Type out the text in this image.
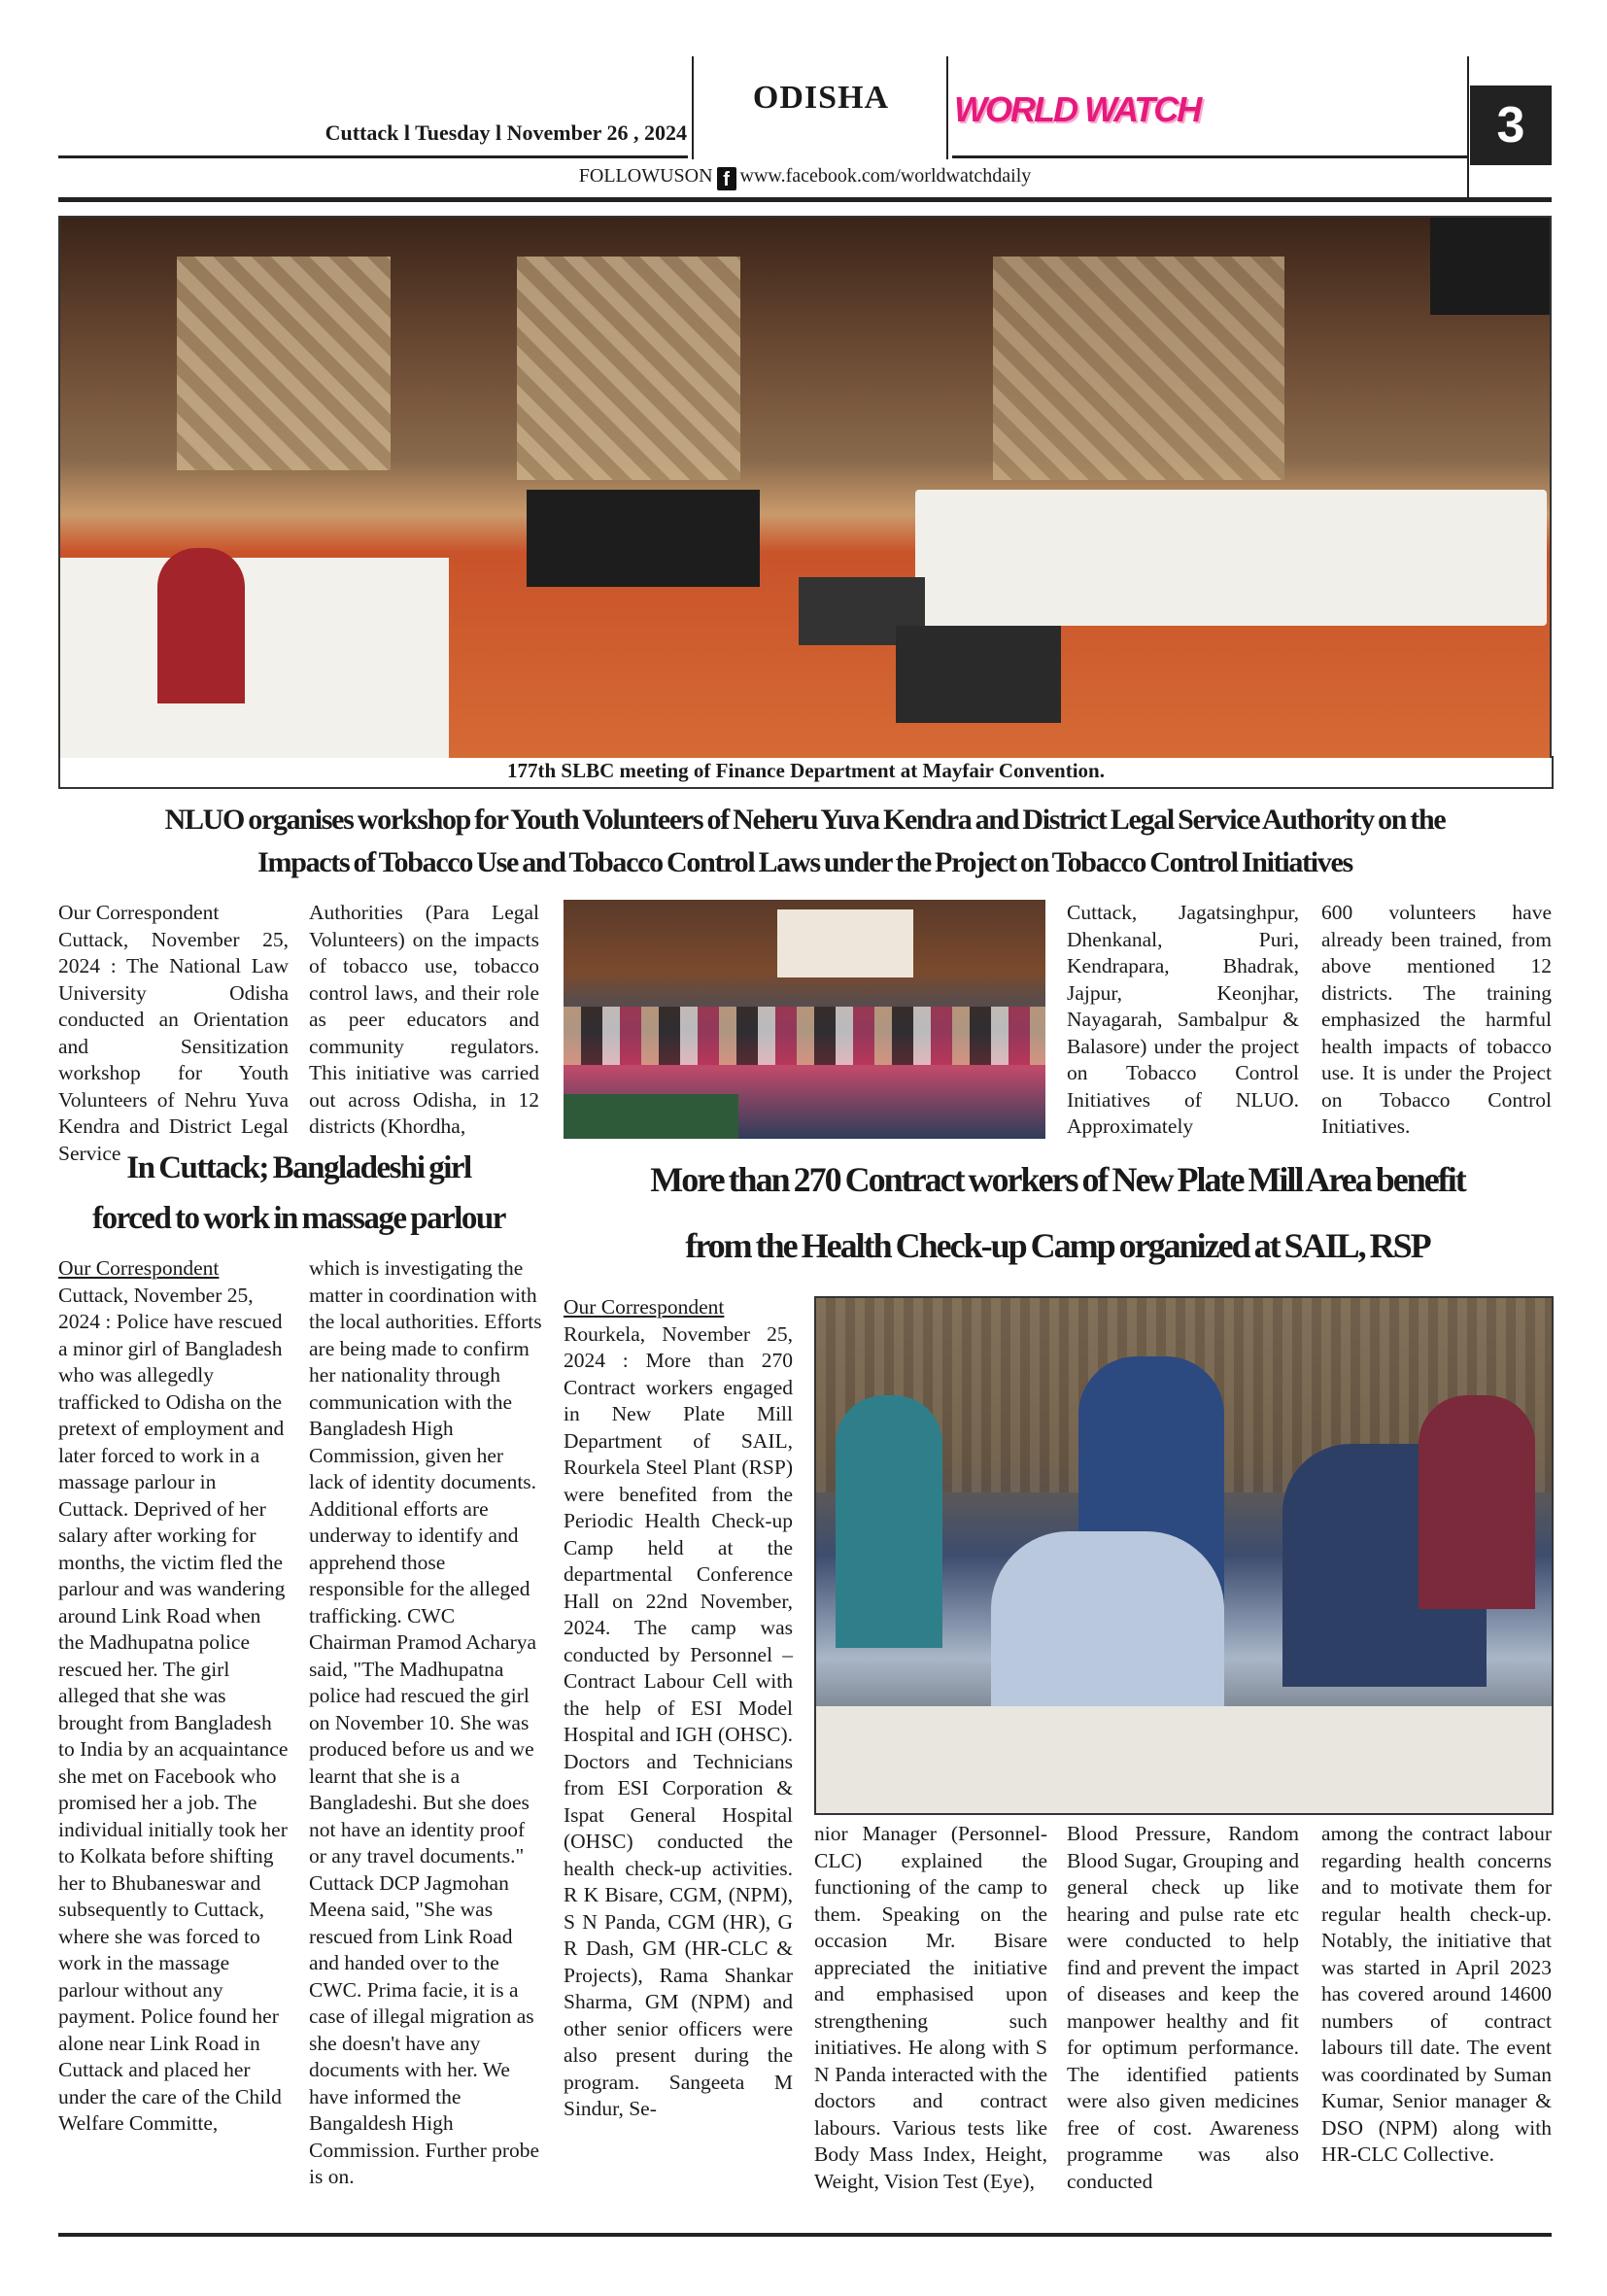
Cuttack l Tuesday l November 26 , 2024
ODISHA	WORLD WATCH	3
FOLLOWUSON f www.facebook.com/worldwatchdaily
177th SLBC meeting of Finance Department at Mayfair Convention.
NLUO organises workshop for Youth Volunteers of Neheru Yuva Kendra and District Legal Service Authority on the
Impacts of Tobacco Use and Tobacco Control Laws under the Project on Tobacco Control Initiatives
Our Correspondent
Cuttack, November 25, 2024 : The National Law University Odisha conducted an Orientation and Sensitization workshop for Youth Volunteers of Nehru Yuva Kendra and District Legal Service
Authorities (Para Legal Volunteers) on the impacts of tobacco use, tobacco control laws, and their role as peer educators and community regulators. This initiative was carried out across Odisha, in 12 districts (Khordha,
Cuttack, Jagatsinghpur, Dhenkanal, Puri, Kendrapara, Bhadrak, Jajpur, Keonjhar, Nayagarah, Sambalpur & Balasore) under the project on Tobacco Control Initiatives of NLUO. Approximately
600 volunteers have already been trained, from above mentioned 12 districts. The training emphasized the harmful health impacts of tobacco use. It is under the Project on Tobacco Control Initiatives.
In Cuttack; Bangladeshi girl
forced to work in massage parlour
Our Correspondent
Cuttack, November 25, 2024 : Police have rescued a minor girl of Bangladesh who was allegedly trafficked to Odisha on the pretext of employment and later forced to work in a massage parlour in Cuttack. Deprived of her salary after working for months, the victim fled the parlour and was wandering around Link Road when the Madhupatna police rescued her. The girl alleged that she was brought from Bangladesh to India by an acquaintance she met on Facebook who promised her a job. The individual initially took her to Kolkata before shifting her to Bhubaneswar and subsequently to Cuttack, where she was forced to work in the massage parlour without any payment. Police found her alone near Link Road in Cuttack and placed her under the care of the Child Welfare Committe,
which is investigating the matter in coordination with the local authorities. Efforts are being made to confirm her nationality through communication with the Bangladesh High Commission, given her lack of identity documents. Additional efforts are underway to identify and apprehend those responsible for the alleged trafficking. CWC Chairman Pramod Acharya said, "The Madhupatna police had rescued the girl on November 10. She was produced before us and we learnt that she is a Bangladeshi. But she does not have an identity proof or any travel documents." Cuttack DCP Jagmohan Meena said, "She was rescued from Link Road and handed over to the CWC. Prima facie, it is a case of illegal migration as she doesn't have any documents with her. We have informed the Bangaldesh High Commission. Further probe is on.
More than 270 Contract workers of New Plate Mill Area benefit
from the Health Check-up Camp organized at SAIL, RSP
Our Correspondent
Rourkela, November 25, 2024 : More than 270 Contract workers engaged in New Plate Mill Department of SAIL, Rourkela Steel Plant (RSP) were benefited from the Periodic Health Check-up Camp held at the departmental Conference Hall on 22nd November, 2024. The camp was conducted by Personnel –Contract Labour Cell with the help of ESI Model Hospital and IGH (OHSC). Doctors and Technicians from ESI Corporation & Ispat General Hospital (OHSC) conducted the health check-up activities. R K Bisare, CGM, (NPM), S N Panda, CGM (HR), G R Dash, GM (HR-CLC & Projects), Rama Shankar Sharma, GM (NPM) and other senior officers were also present during the program. Sangeeta M Sindur, Se-
nior Manager (Personnel-CLC) explained the functioning of the camp to them. Speaking on the occasion Mr. Bisare appreciated the initiative and emphasised upon strengthening such initiatives. He along with S N Panda interacted with the doctors and contract labours. Various tests like Body Mass Index, Height, Weight, Vision Test (Eye),
Blood Pressure, Random Blood Sugar, Grouping and general check up like hearing and pulse rate etc were conducted to help find and prevent the impact of diseases and keep the manpower healthy and fit for optimum performance. The identified patients were also given medicines free of cost. Awareness programme was also conducted
among the contract labour regarding health concerns and to motivate them for regular health check-up. Notably, the initiative that was started in April 2023 has covered around 14600 numbers of contract labours till date. The event was coordinated by Suman Kumar, Senior manager & DSO (NPM) along with HR-CLC Collective.
